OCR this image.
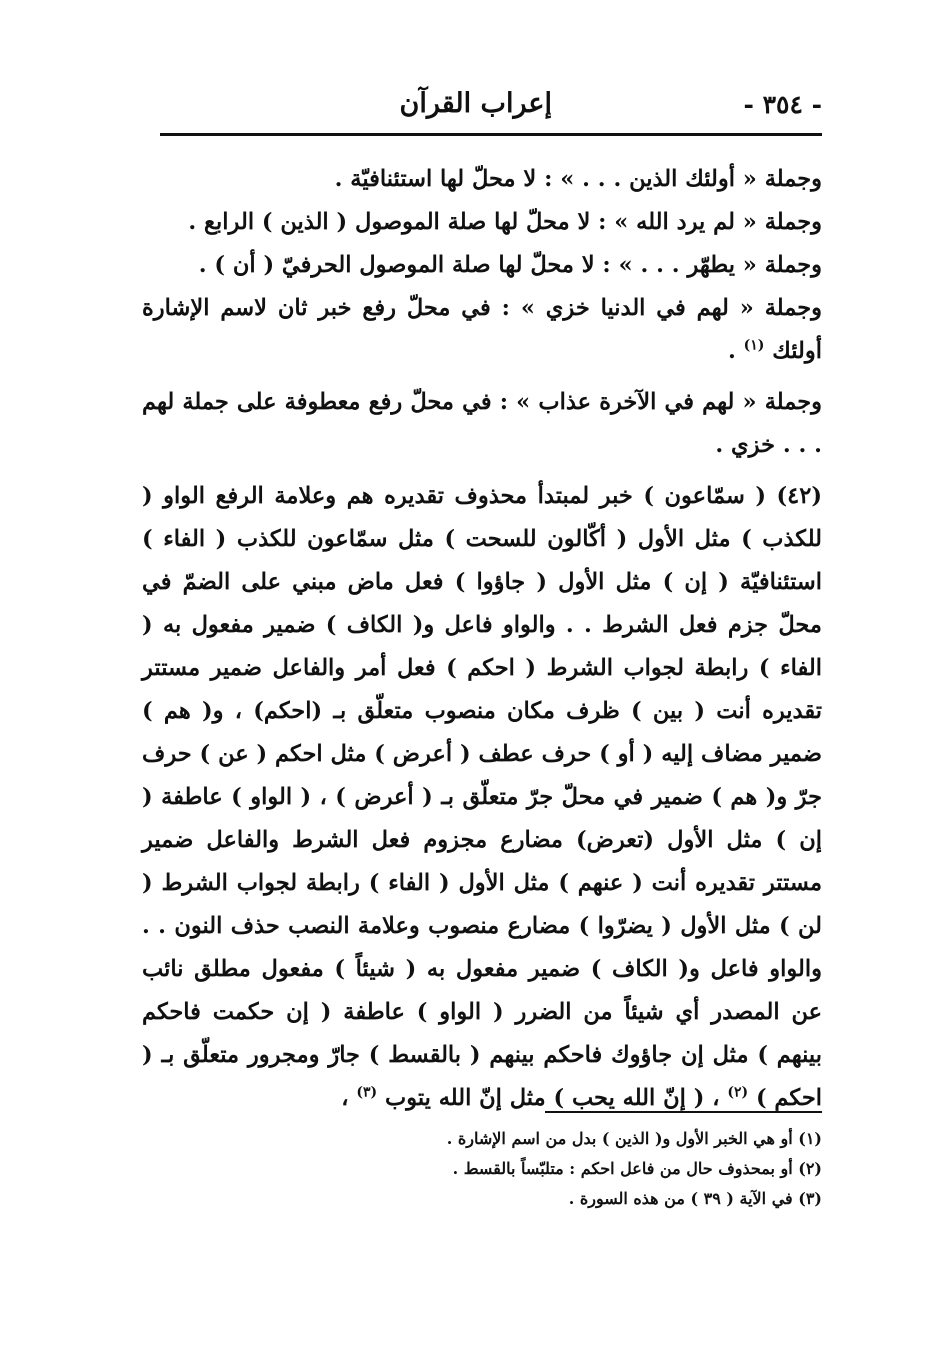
- ٣٥٤ -
إعراب القرآن

وجملة « أولئك الذين . . . » : لا محلّ لها استئنافيّة .

وجملة « لم يرد الله » : لا محلّ لها صلة الموصول ( الذين ) الرابع .

وجملة « يطهّر . . . » : لا محلّ لها صلة الموصول الحرفيّ ( أن ) .

وجملة « لهم في الدنيا خزي » : في محلّ رفع خبر ثان لاسم الإشارة أولئك $^{(١)}$ .

وجملة « لهم في الآخرة عذاب » : في محلّ رفع معطوفة على جملة لهم . . . خزي .

(٤٢) ( سمّاعون ) خبر لمبتدأ محذوف تقديره هم وعلامة الرفع الواو ( للكذب ) مثل الأول ( أكّالون للسحت ) مثل سمّاعون للكذب ( الفاء ) استئنافيّة ( إن ) مثل الأول ( جاؤوا ) فعل ماض مبني على الضمّ في محلّ جزم فعل الشرط . . والواو فاعل و( الكاف ) ضمير مفعول به ( الفاء ) رابطة لجواب الشرط ( احكم ) فعل أمر والفاعل ضمير مستتر تقديره أنت ( بين ) ظرف مكان منصوب متعلّق بـ (احكم) ، و( هم ) ضمير مضاف إليه ( أو ) حرف عطف ( أعرض ) مثل احكم ( عن ) حرف جرّ و( هم ) ضمير في محلّ جرّ متعلّق بـ ( أعرض ) ، ( الواو ) عاطفة ( إن ) مثل الأول (تعرض) مضارع مجزوم فعل الشرط والفاعل ضمير مستتر تقديره أنت ( عنهم ) مثل الأول ( الفاء ) رابطة لجواب الشرط ( لن ) مثل الأول ( يضرّوا ) مضارع منصوب وعلامة النصب حذف النون . . والواو فاعل و( الكاف ) ضمير مفعول به ( شيئاً ) مفعول مطلق نائب عن المصدر أي شيئاً من الضرر ( الواو ) عاطفة ( إن حكمت فاحكم بينهم ) مثل إن جاؤوك فاحكم بينهم ( بالقسط ) جارّ ومجرور متعلّق بـ ( احكم ) $^{(٢)}$ ، ( إنّ الله يحب ) مثل إنّ الله يتوب $^{(٣)}$ ،

(١) أو هي الخبر الأول و( الذين ) بدل من اسم الإشارة .
(٢) أو بمحذوف حال من فاعل احكم : متلبّساً بالقسط .
(٣) في الآية ( ٣٩ ) من هذه السورة .
